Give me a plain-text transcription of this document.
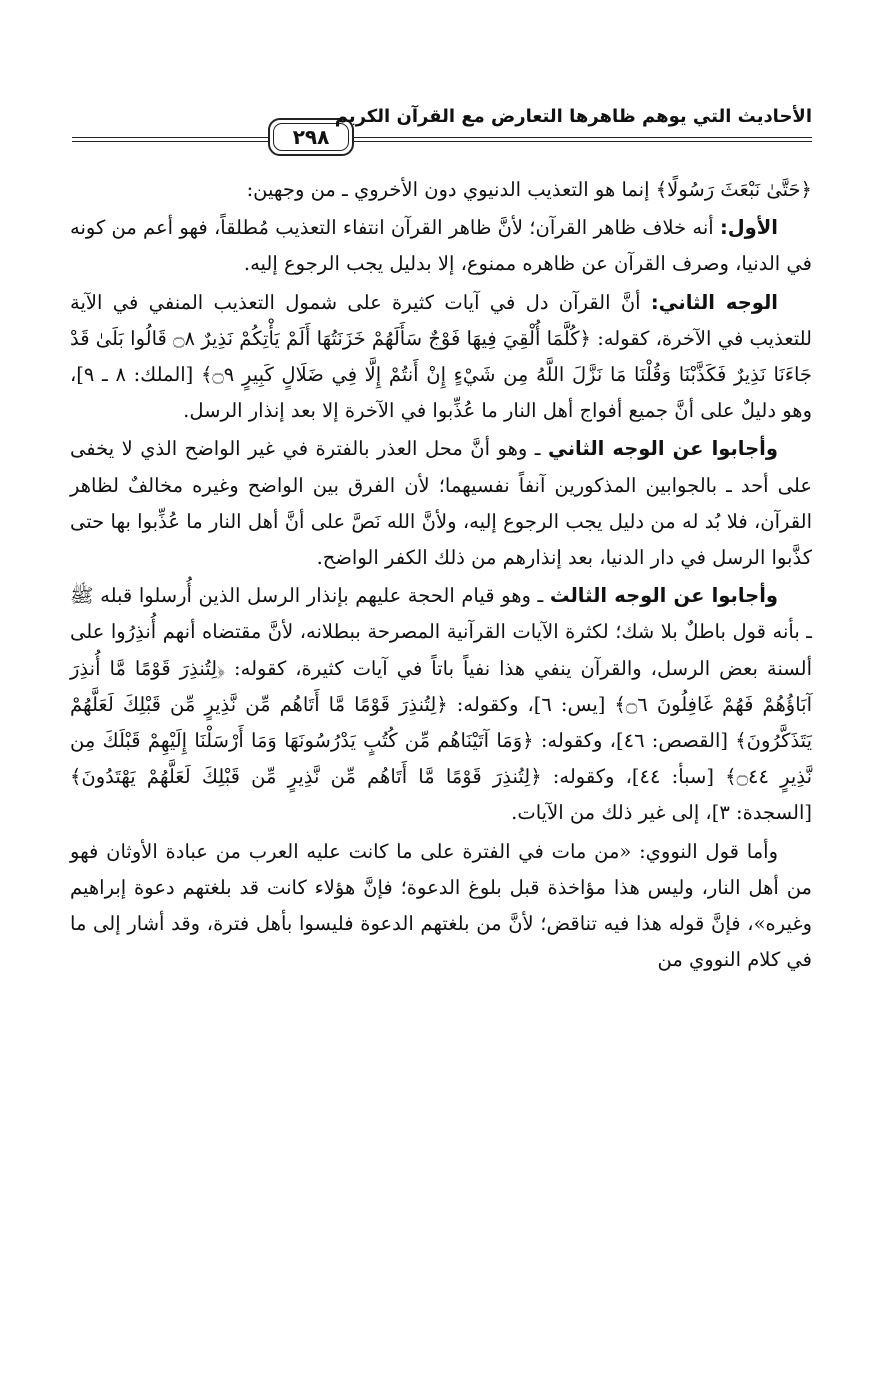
٢٩٨
الأحاديث التي يوهم ظاهرها التعارض مع القرآن الكريم

﴿حَتَّىٰ نَبْعَثَ رَسُولًا﴾ إنما هو التعذيب الدنيوي دون الأخروي ـ من وجهين:

الأول: أنه خلاف ظاهر القرآن؛ لأنَّ ظاهر القرآن انتفاء التعذيب مُطلقاً، فهو أعم من كونه في الدنيا، وصرف القرآن عن ظاهره ممنوع، إلا بدليل يجب الرجوع إليه.

الوجه الثاني: أنَّ القرآن دل في آيات كثيرة على شمول التعذيب المنفي في الآية للتعذيب في الآخرة، كقوله: ﴿كُلَّمَا أُلْقِيَ فِيهَا فَوْجٌ سَأَلَهُمْ خَزَنَتُهَا أَلَمْ يَأْتِكُمْ نَذِيرٌ ۝٨ قَالُوا بَلَىٰ قَدْ جَاءَنَا نَذِيرٌ فَكَذَّبْنَا وَقُلْنَا مَا نَزَّلَ اللَّهُ مِن شَيْءٍ إِنْ أَنتُمْ إِلَّا فِي ضَلَالٍ كَبِيرٍ ۝٩﴾ [الملك: ٨ ـ ٩]، وهو دليلٌ على أنَّ جميع أفواج أهل النار ما عُذِّبوا في الآخرة إلا بعد إنذار الرسل.

وأجابوا عن الوجه الثاني ـ وهو أنَّ محل العذر بالفترة في غير الواضح الذي لا يخفى على أحد ـ بالجوابين المذكورين آنفاً نفسيهما؛ لأن الفرق بين الواضح وغيره مخالفٌ لظاهر القرآن، فلا بُد له من دليل يجب الرجوع إليه، ولأنَّ الله نَصَّ على أنَّ أهل النار ما عُذِّبوا بها حتى كذَّبوا الرسل في دار الدنيا، بعد إنذارهم من ذلك الكفر الواضح.

وأجابوا عن الوجه الثالث ـ وهو قيام الحجة عليهم بإنذار الرسل الذين أُرسلوا قبله ﷺ ـ بأنه قول باطلٌ بلا شك؛ لكثرة الآيات القرآنية المصرحة ببطلانه، لأنَّ مقتضاه أنهم أُنذِرُوا على ألسنة بعض الرسل، والقرآن ينفي هذا نفياً باتاً في آيات كثيرة، كقوله: ﴿لِتُنذِرَ قَوْمًا مَّا أُنذِرَ آبَاؤُهُمْ فَهُمْ غَافِلُونَ ۝٦﴾ [يس: ٦]، وكقوله: ﴿لِتُنذِرَ قَوْمًا مَّا أَتَاهُم مِّن نَّذِيرٍ مِّن قَبْلِكَ لَعَلَّهُمْ يَتَذَكَّرُونَ﴾ [القصص: ٤٦]، وكقوله: ﴿وَمَا آتَيْنَاهُم مِّن كُتُبٍ يَدْرُسُونَهَا وَمَا أَرْسَلْنَا إِلَيْهِمْ قَبْلَكَ مِن نَّذِيرٍ ۝٤٤﴾ [سبأ: ٤٤]، وكقوله: ﴿لِتُنذِرَ قَوْمًا مَّا أَتَاهُم مِّن نَّذِيرٍ مِّن قَبْلِكَ لَعَلَّهُمْ يَهْتَدُونَ﴾ [السجدة: ٣]، إلى غير ذلك من الآيات.

وأما قول النووي: «من مات في الفترة على ما كانت عليه العرب من عبادة الأوثان فهو من أهل النار، وليس هذا مؤاخذة قبل بلوغ الدعوة؛ فإنَّ هؤلاء كانت قد بلغتهم دعوة إبراهيم وغيره»، فإنَّ قوله هذا فيه تناقض؛ لأنَّ من بلغتهم الدعوة فليسوا بأهل فترة، وقد أشار إلى ما في كلام النووي من
